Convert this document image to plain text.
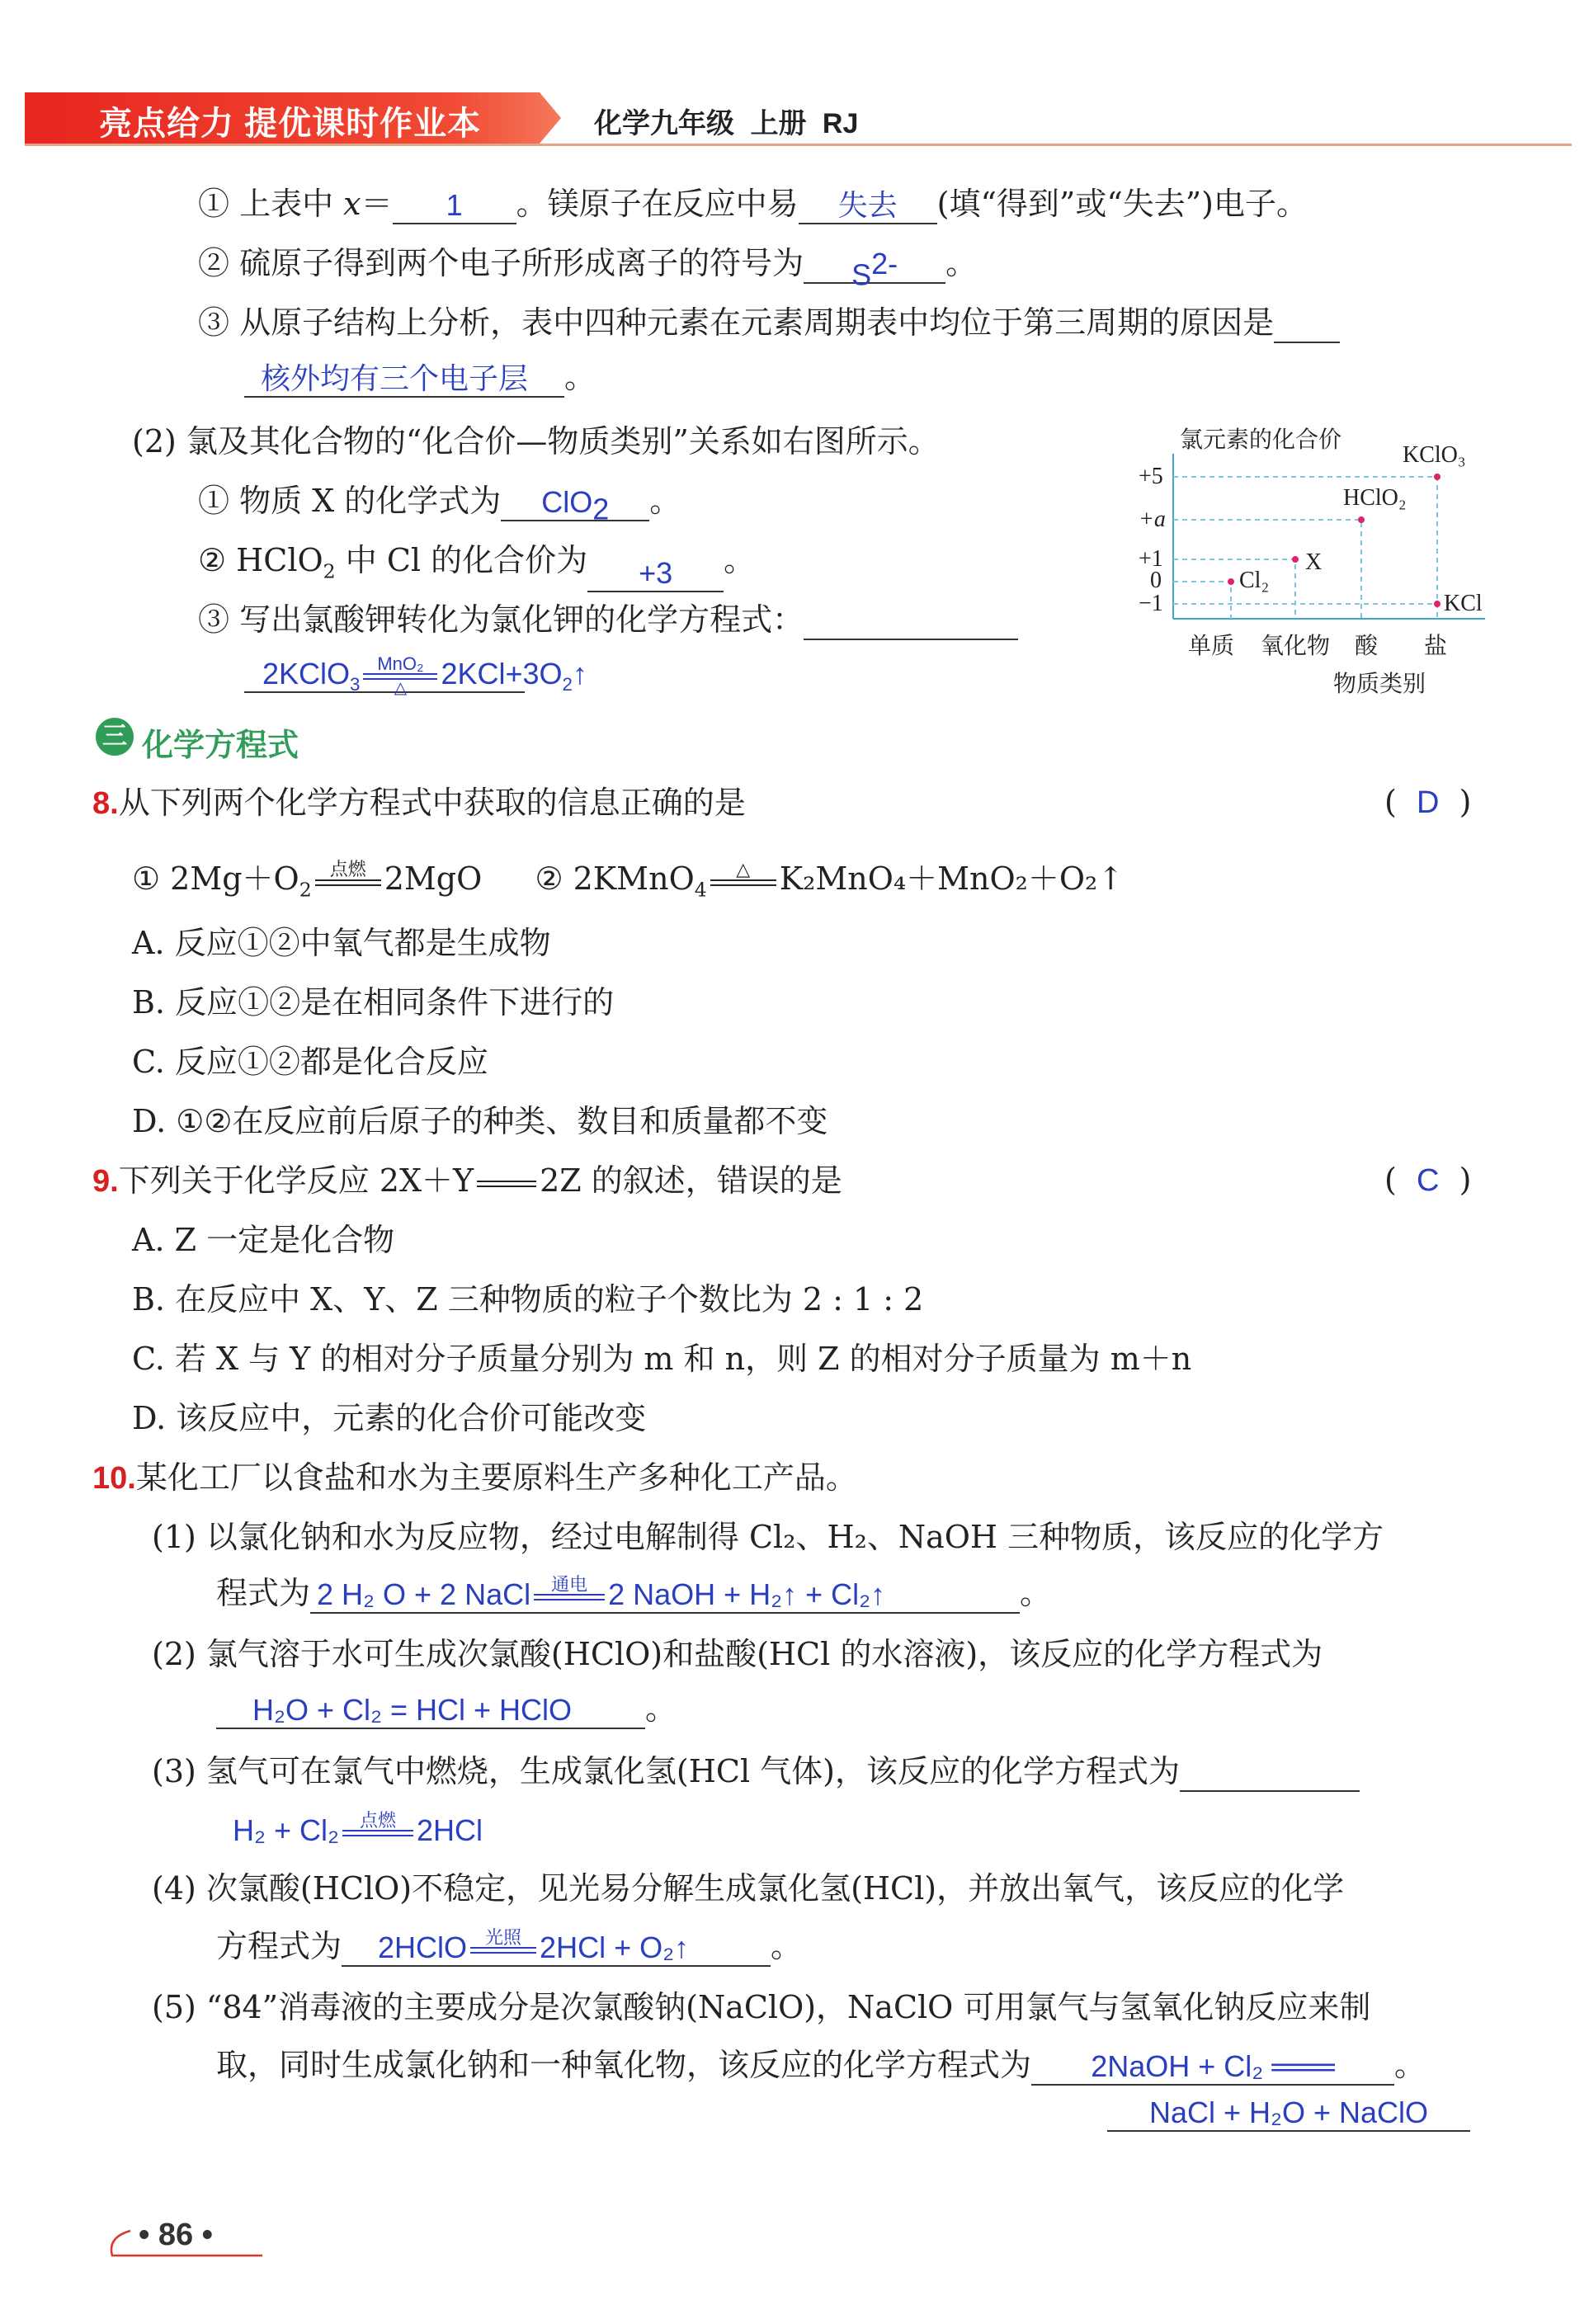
亮点给力 提优课时作业本	化学九年级 上册 RJ
① 上表中 x＝ 1 。镁原子在反应中易 失去 (填“得到”或“失去”)电子。
② 硫原子得到两个电子所形成离子的符号为 $S^{2-}$ 。
③ 从原子结构上分析，表中四种元素在元素周期表中均位于第三周期的原因是
核外均有三个电子层 。
(2) 氯及其化合物的“化合价—物质类别”关系如右图所示。
① 物质 X 的化学式为 ClO$_2$ 。
② HClO$_2$ 中 Cl 的化合价为 +3 。
③ 写出氯酸钾转化为氯化钾的化学方程式：
2KClO$_3$
MnO₂
△	$2KCl+3O_2↑$
氯元素的化合价
+5
+a
+1
0
−1
Cl₂
X
HClO₂
KClO₃
KCl
单质 氧化物 酸 盐
物质类别
三 化学方程式
8.从下列两个化学方程式中获取的信息正确的是	(  D  )
① $2Mg+O_2$
点燃
2MgO ② 2KMnO$_4$
△
K₂MnO₄＋MnO₂＋O₂↑
A. 反应①②中氧气都是生成物
B. 反应①②是在相同条件下进行的
C. 反应①②都是化合反应
D. ①②在反应前后原子的种类、数目和质量都不变
9.下列关于化学反应 2X＋Y 2Z 的叙述，错误的是	(  C  )
A. Z 一定是化合物
B. 在反应中 X、Y、Z 三种物质的粒子个数比为 2 : 1 : 2
C. 若 X 与 Y 的相对分子质量分别为 m 和 n，则 Z 的相对分子质量为 m＋n
D. 该反应中，元素的化合价可能改变
10.某化工厂以食盐和水为主要原料生产多种化工产品。
(1) 以氯化钠和水为反应物，经过电解制得 Cl₂、H₂、NaOH 三种物质，该反应的化学方
程式为 2 H₂ O + 2 NaCl	通电
2 NaOH + H₂↑ + Cl₂↑	。
(2) 氯气溶于水可生成次氯酸(HClO)和盐酸(HCl 的水溶液)，该反应的化学方程式为
H₂O + Cl₂ = HCl + HClO 。
(3) 氢气可在氯气中燃烧，生成氯化氢(HCl 气体)，该反应的化学方程式为
H₂ + Cl₂	点燃
2HCl
(4) 次氯酸(HClO)不稳定，见光易分解生成氯化氢(HCl)，并放出氧气，该反应的化学
方程式为 2HClO 光照
2HCl + O₂↑	。
(5) “84”消毒液的主要成分是次氯酸钠(NaClO)，NaClO 可用氯气与氢氧化钠反应来制
取，同时生成氯化钠和一种氧化物，该反应的化学方程式为 2NaOH + Cl₂ ═══ 。
NaCl + H₂O + NaClO
• 86 •
